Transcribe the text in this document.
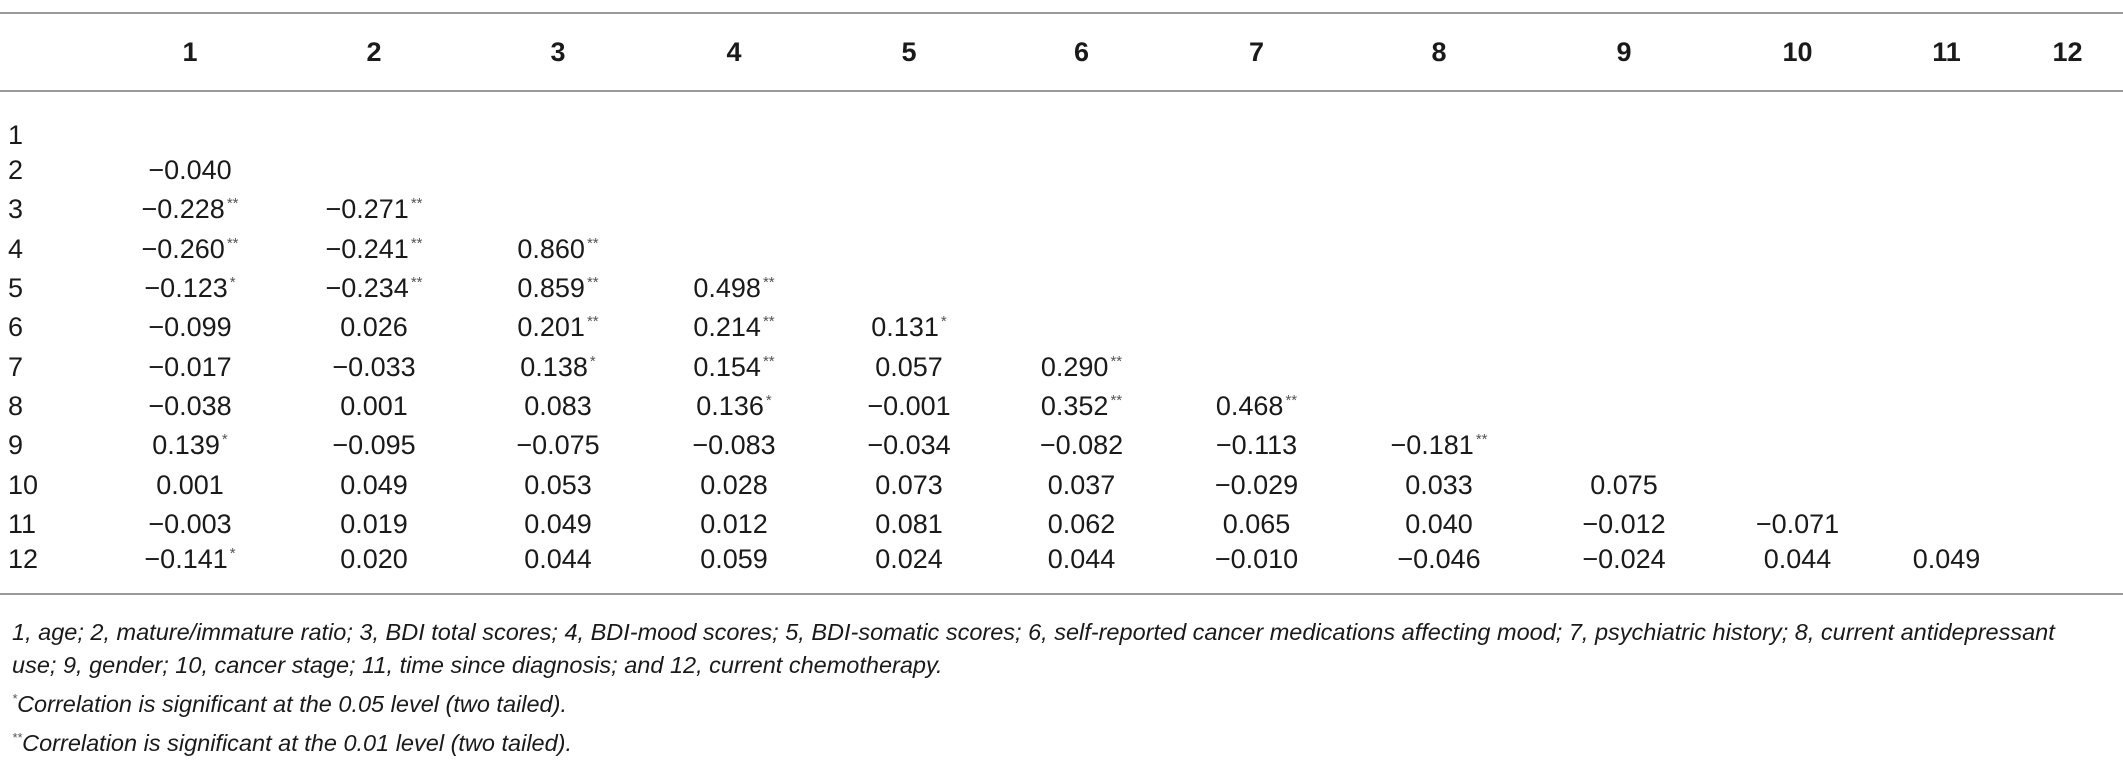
	1	2	3	4	5	6	7	8	9	10	11	12
1												
2	−0.040											
3	−0.228 **	−0.271 **										
4	−0.260 **	−0.241 **	0.860 **									
5	−0.123 *	−0.234 **	0.859 **	0.498 **								
6	−0.099	0.026	0.201 **	0.214 **	0.131 *							
7	−0.017	−0.033	0.138 *	0.154 **	0.057	0.290 **						
8	−0.038	0.001	0.083	0.136 *	−0.001	0.352 **	0.468 **					
9	0.139 *	−0.095	−0.075	−0.083	−0.034	−0.082	−0.113	−0.181 **				
10	0.001	0.049	0.053	0.028	0.073	0.037	−0.029	0.033	0.075			
11	−0.003	0.019	0.049	0.012	0.081	0.062	0.065	0.040	−0.012	−0.071		
12	−0.141 *	0.020	0.044	0.059	0.024	0.044	−0.010	−0.046	−0.024	0.044	0.049	

1, age; 2, mature/immature ratio; 3, BDI total scores; 4, BDI-mood scores; 5, BDI-somatic scores; 6, self-reported cancer medications affecting mood; 7, psychiatric history; 8, current antidepressant use; 9, gender; 10, cancer stage; 11, time since diagnosis; and 12, current chemotherapy.

*Correlation is significant at the 0.05 level (two tailed).

**Correlation is significant at the 0.01 level (two tailed).
